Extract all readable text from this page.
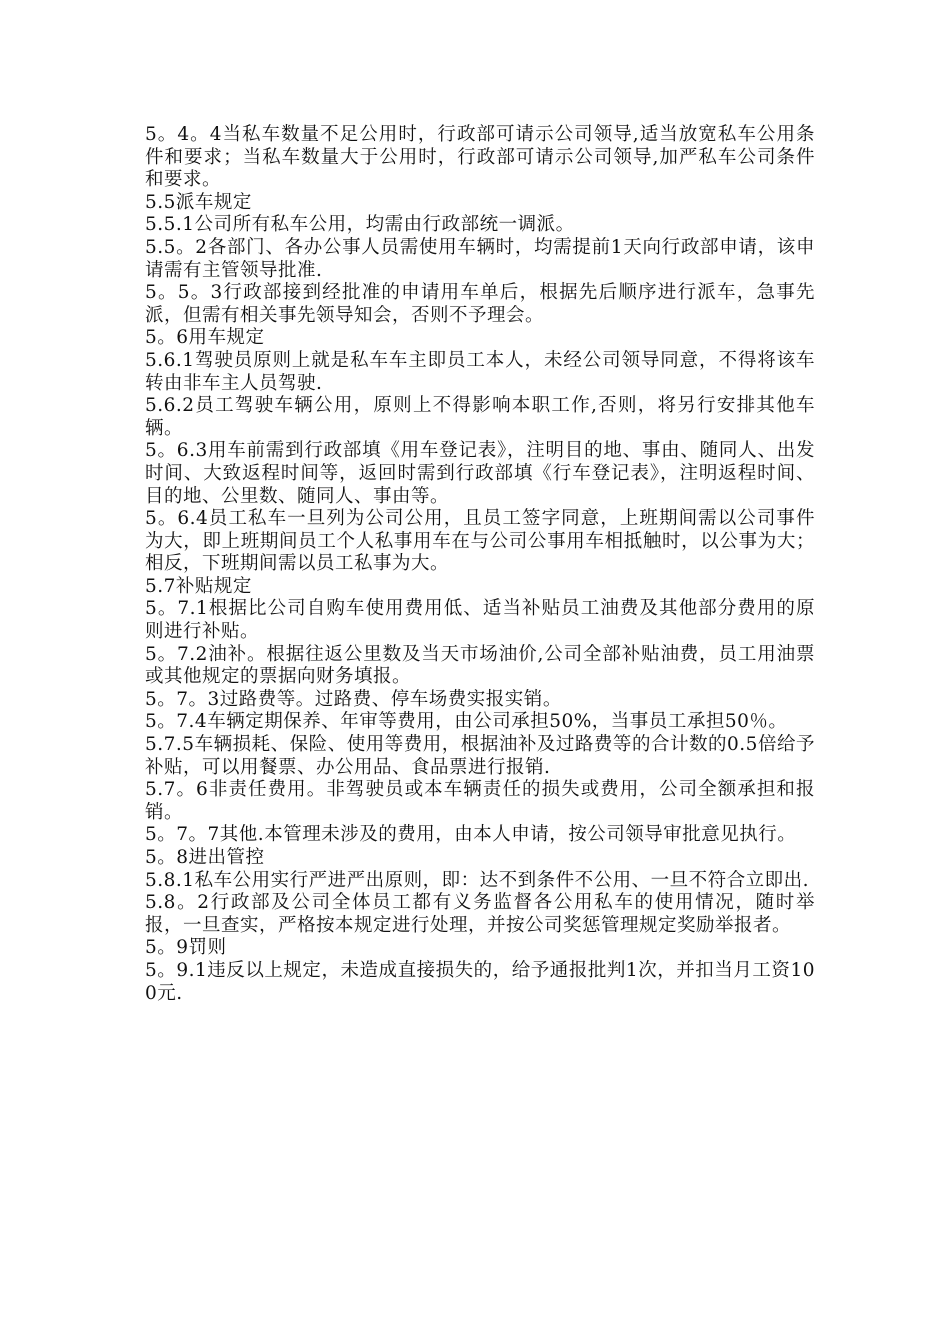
5。4。4当私车数量不足公用时，行政部可请示公司领导,适当放宽私车公用条件和要求；当私车数量大于公用时，行政部可请示公司领导,加严私车公司条件和要求。

5.5派车规定

5.5.1公司所有私车公用，均需由行政部统一调派。

5.5。2各部门、各办公事人员需使用车辆时，均需提前1天向行政部申请，该申请需有主管领导批准.

5。5。3行政部接到经批准的申请用车单后，根据先后顺序进行派车，急事先派，但需有相关事先领导知会，否则不予理会。

5。6用车规定

5.6.1驾驶员原则上就是私车车主即员工本人，未经公司领导同意，不得将该车转由非车主人员驾驶.

5.6.2员工驾驶车辆公用，原则上不得影响本职工作,否则，将另行安排其他车辆。

5。6.3用车前需到行政部填《用车登记表》，注明目的地、事由、随同人、出发时间、大致返程时间等，返回时需到行政部填《行车登记表》，注明返程时间、目的地、公里数、随同人、事由等。

5。6.4员工私车一旦列为公司公用，且员工签字同意，上班期间需以公司事件为大，即上班期间员工个人私事用车在与公司公事用车相抵触时，以公事为大；相反，下班期间需以员工私事为大。

5.7补贴规定

5。7.1根据比公司自购车使用费用低、适当补贴员工油费及其他部分费用的原则进行补贴。

5。7.2油补。根据往返公里数及当天市场油价,公司全部补贴油费，员工用油票或其他规定的票据向财务填报。

5。7。3过路费等。过路费、停车场费实报实销。

5。7.4车辆定期保养、年审等费用，由公司承担50%，当事员工承担50％。

5.7.5车辆损耗、保险、使用等费用，根据油补及过路费等的合计数的0.5倍给予补贴，可以用餐票、办公用品、食品票进行报销.

5.7。6非责任费用。非驾驶员或本车辆责任的损失或费用，公司全额承担和报销。

5。7。7其他.本管理未涉及的费用，由本人申请，按公司领导审批意见执行。

5。8进出管控

5.8.1私车公用实行严进严出原则，即：达不到条件不公用、一旦不符合立即出.

5.8。2行政部及公司全体员工都有义务监督各公用私车的使用情况，随时举报，一旦查实，严格按本规定进行处理，并按公司奖惩管理规定奖励举报者。

5。9罚则

5。9.1违反以上规定，未造成直接损失的，给予通报批判1次，并扣当月工资100元.
